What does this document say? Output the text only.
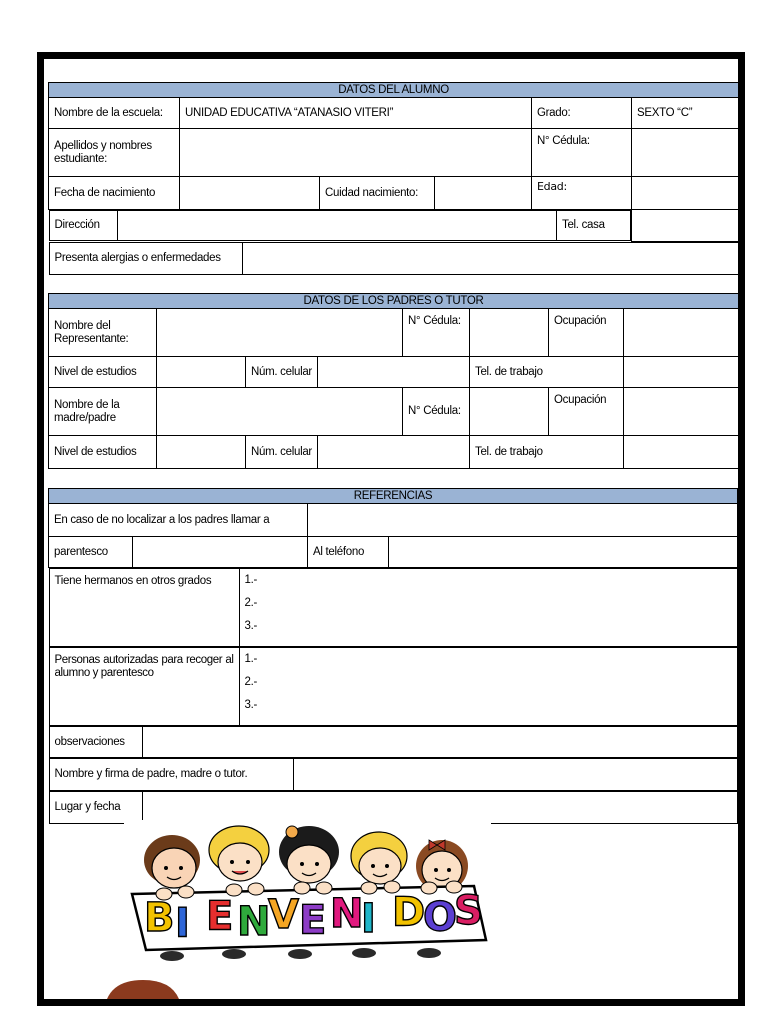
DATOS DEL ALUMNO
Nombre de la escuela:	UNIDAD EDUCATIVA “ATANASIO VITERI”	Grado:	SEXTO “C”
Apellidos y nombres estudiante:		N° Cédula:	
Fecha de nacimiento		Cuidad nacimiento:		Edad:	

Dirección		Tel. casa

Presenta alergias o enfermedades	
DATOS DE LOS PADRES O TUTOR							
Nombre del Representante:				N° Cédula:		Ocupación	
Nivel de estudios		Núm. celular			Tel. de trabajo		
Nombre de la madre/padre				N° Cédula:		Ocupación	
Nivel de estudios		Núm. celular			Tel. de trabajo		
REFERENCIAS
En caso de no localizar a los padres llamar a	
parentesco		Al teléfono	

Tiene hermanos en otros grados	1.-
2.-
3.-

Personas autorizadas para recoger al alumno y parentesco	
1.-
2.-
3.-

observaciones	

Nombre y firma de padre, madre o tutor.	

Lugar y fecha	
B I E N
V E N
I D
O
S
